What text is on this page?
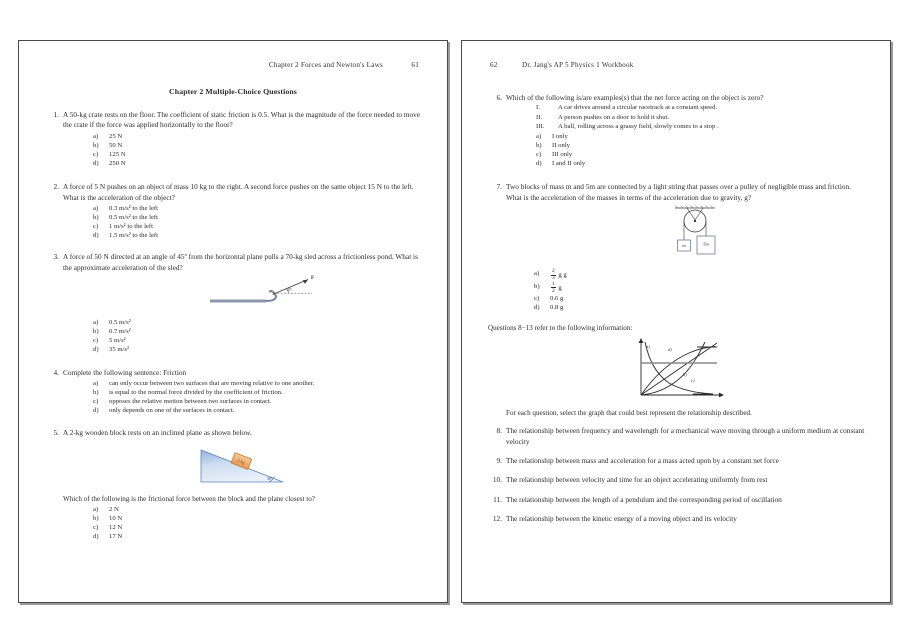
Chapter 2 Forces and Newton's Laws	61
Chapter 2 Multiple-Choice Questions
1. A 50-kg crate rests on the floor. The coefficient of static friction is 0.5. What is the magnitude of the force needed to move the crate if the force was applied horizontally to the floor?
a) 25 N
b) 50 N
c) 125 N
d) 250 N
2. A force of 5 N pushes on an object of mass 10 kg to the right. A second force pushes on the same object 15 N to the left. What is the acceleration of the object?
a) 0.3 m/s² to the left
b) 0.5 m/s² to the left
c) 1 m/s² to the left
d) 1.5 m/s² to the left
3. A force of 50 N directed at an angle of 45º from the horizontal plane pulls a 70-kg sled across a frictionless pond. What is the approximate acceleration of the sled?
F
45°
a) 0.5 m/s²
b) 0.7 m/s²
c) 5 m/s²
d) 35 m/s²
4. Complete the following sentence: Friction
a) can only occur between two surfaces that are moving relative to one another.
b) is equal to the normal force divided by the coefficient of friction.
c) opposes the relative motion between two surfaces in contact.
d) only depends on one of the surfaces in contact.
5. A 2-kg wooden block rests on an inclined plane as shown below.
2 kg
30°
Which of the following is the frictional force between the block and the plane closest to?
a) 2 N
b) 10 N
c) 12 N
d) 17 N
62	Dr. Jang's AP 5 Physics 1 Workbook
6. Which of the following is/are examples(s) that the net force acting on the object is zero?
I.	A car drives around a circular racetrack at a constant speed.
II. A person pushes on a door to hold it shut.
III. A ball, rolling across a grassy field, slowly comes to a stop .
a) I only
b) II only
c) III only
d) I and II only
7. Two blocks of mass m and 5m are connected by a light string that passes over a pulley of negligible mass and friction. What is the acceleration of the masses in terms of the acceleration due to gravity, g?
m	5m
$a) \frac{2}{3}$ g g
$b) \frac{1}{2}$ g
c) 0.6 g
d) 0.8 g
Questions 8−13 refer to the following information:
a)
b)
c)
d)
For each question, select the graph that could best represent the relationship described.
8. The relationship between frequency and wavelength for a mechanical wave moving through a uniform medium at constant velocity
9. The relationship between mass and acceleration for a mass acted upon by a constant net force
10. The relationship between velocity and time for an object accelerating uniformly from rest
11. The relationship between the length of a pendulum and the corresponding period of oscillation
12. The relationship between the kinetic energy of a moving object and its velocity
